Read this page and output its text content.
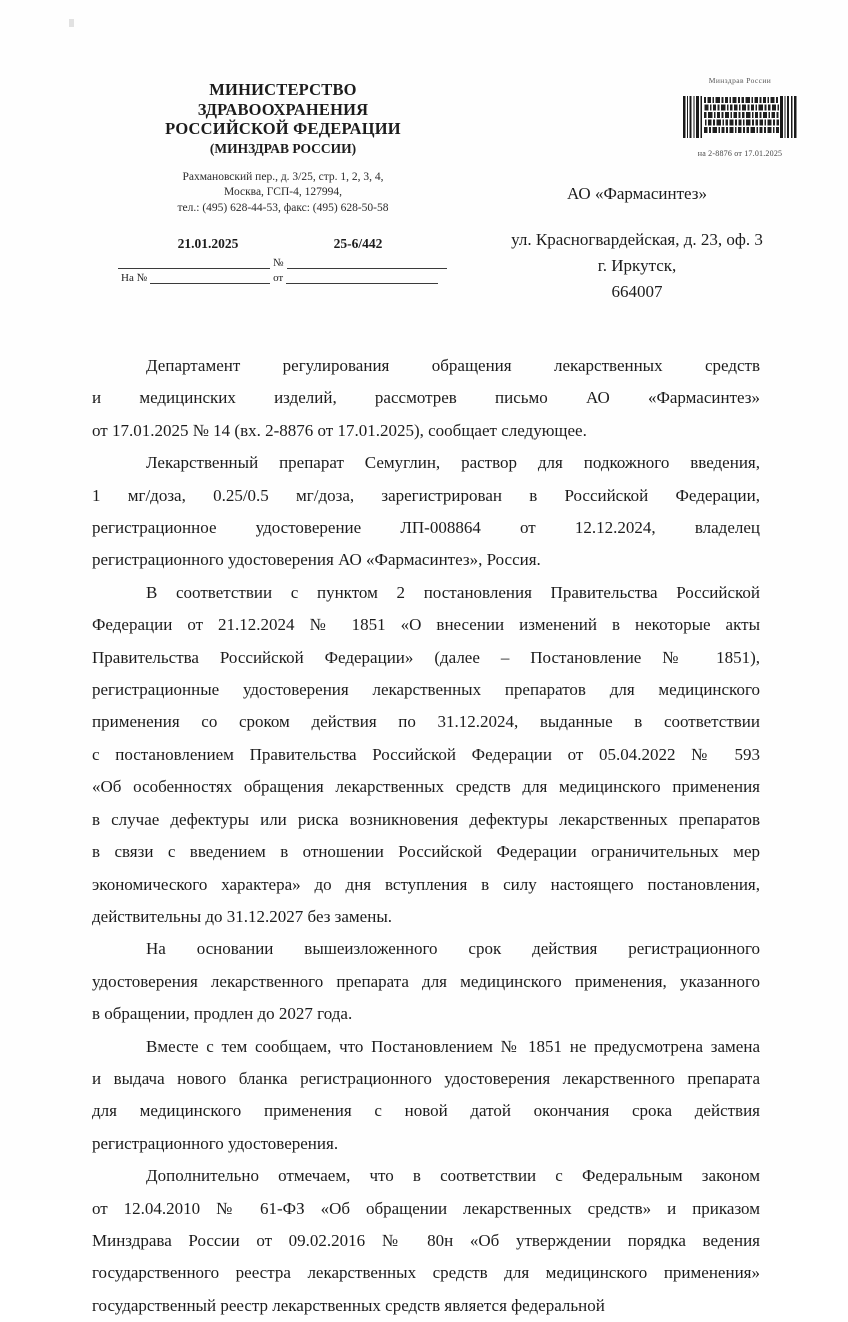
МИНИСТЕРСТВО
ЗДРАВООХРАНЕНИЯ
РОССИЙСКОЙ ФЕДЕРАЦИИ
(МИНЗДРАВ РОССИИ)
Рахмановский пер., д. 3/25, стр. 1, 2, 3, 4,
Москва, ГСП-4, 127994,
тел.: (495) 628-44-53, факс: (495) 628-50-58
21.01.2025	25-6/442
№
На №	от
Минздрав России
на 2-8876 от 17.01.2025
АО «Фармасинтез»
ул. Красногвардейская, д. 23, оф. 3
г. Иркутск,
664007

Департамент регулирования обращения лекарственных средств
и медицинских изделий, рассмотрев письмо АО «Фармасинтез»
от 17.01.2025 № 14 (вх. 2-8876 от 17.01.2025), сообщает следующее.

Лекарственный препарат Семуглин, раствор для подкожного введения,
1 мг/доза, 0.25/0.5 мг/доза, зарегистрирован в Российской Федерации,
регистрационное удостоверение ЛП-008864 от 12.12.2024, владелец
регистрационного удостоверения АО «Фармасинтез», Россия.

В соответствии с пунктом 2 постановления Правительства Российской
Федерации от 21.12.2024 № 1851 «О внесении изменений в некоторые акты
Правительства Российской Федерации» (далее – Постановление № 1851),
регистрационные удостоверения лекарственных препаратов для медицинского
применения со сроком действия по 31.12.2024, выданные в соответствии
с постановлением Правительства Российской Федерации от 05.04.2022 № 593
«Об особенностях обращения лекарственных средств для медицинского применения
в случае дефектуры или риска возникновения дефектуры лекарственных препаратов
в связи с введением в отношении Российской Федерации ограничительных мер
экономического характера» до дня вступления в силу настоящего постановления,
действительны до 31.12.2027 без замены.

На основании вышеизложенного срок действия регистрационного
удостоверения лекарственного препарата для медицинского применения, указанного
в обращении, продлен до 2027 года.

Вместе с тем сообщаем, что Постановлением № 1851 не предусмотрена замена
и выдача нового бланка регистрационного удостоверения лекарственного препарата
для медицинского применения с новой датой окончания срока действия
регистрационного удостоверения.

Дополнительно отмечаем, что в соответствии с Федеральным законом
от 12.04.2010 № 61-ФЗ «Об обращении лекарственных средств» и приказом
Минздрава России от 09.02.2016 № 80н «Об утверждении порядка ведения
государственного реестра лекарственных средств для медицинского применения»
государственный реестр лекарственных средств является федеральной
